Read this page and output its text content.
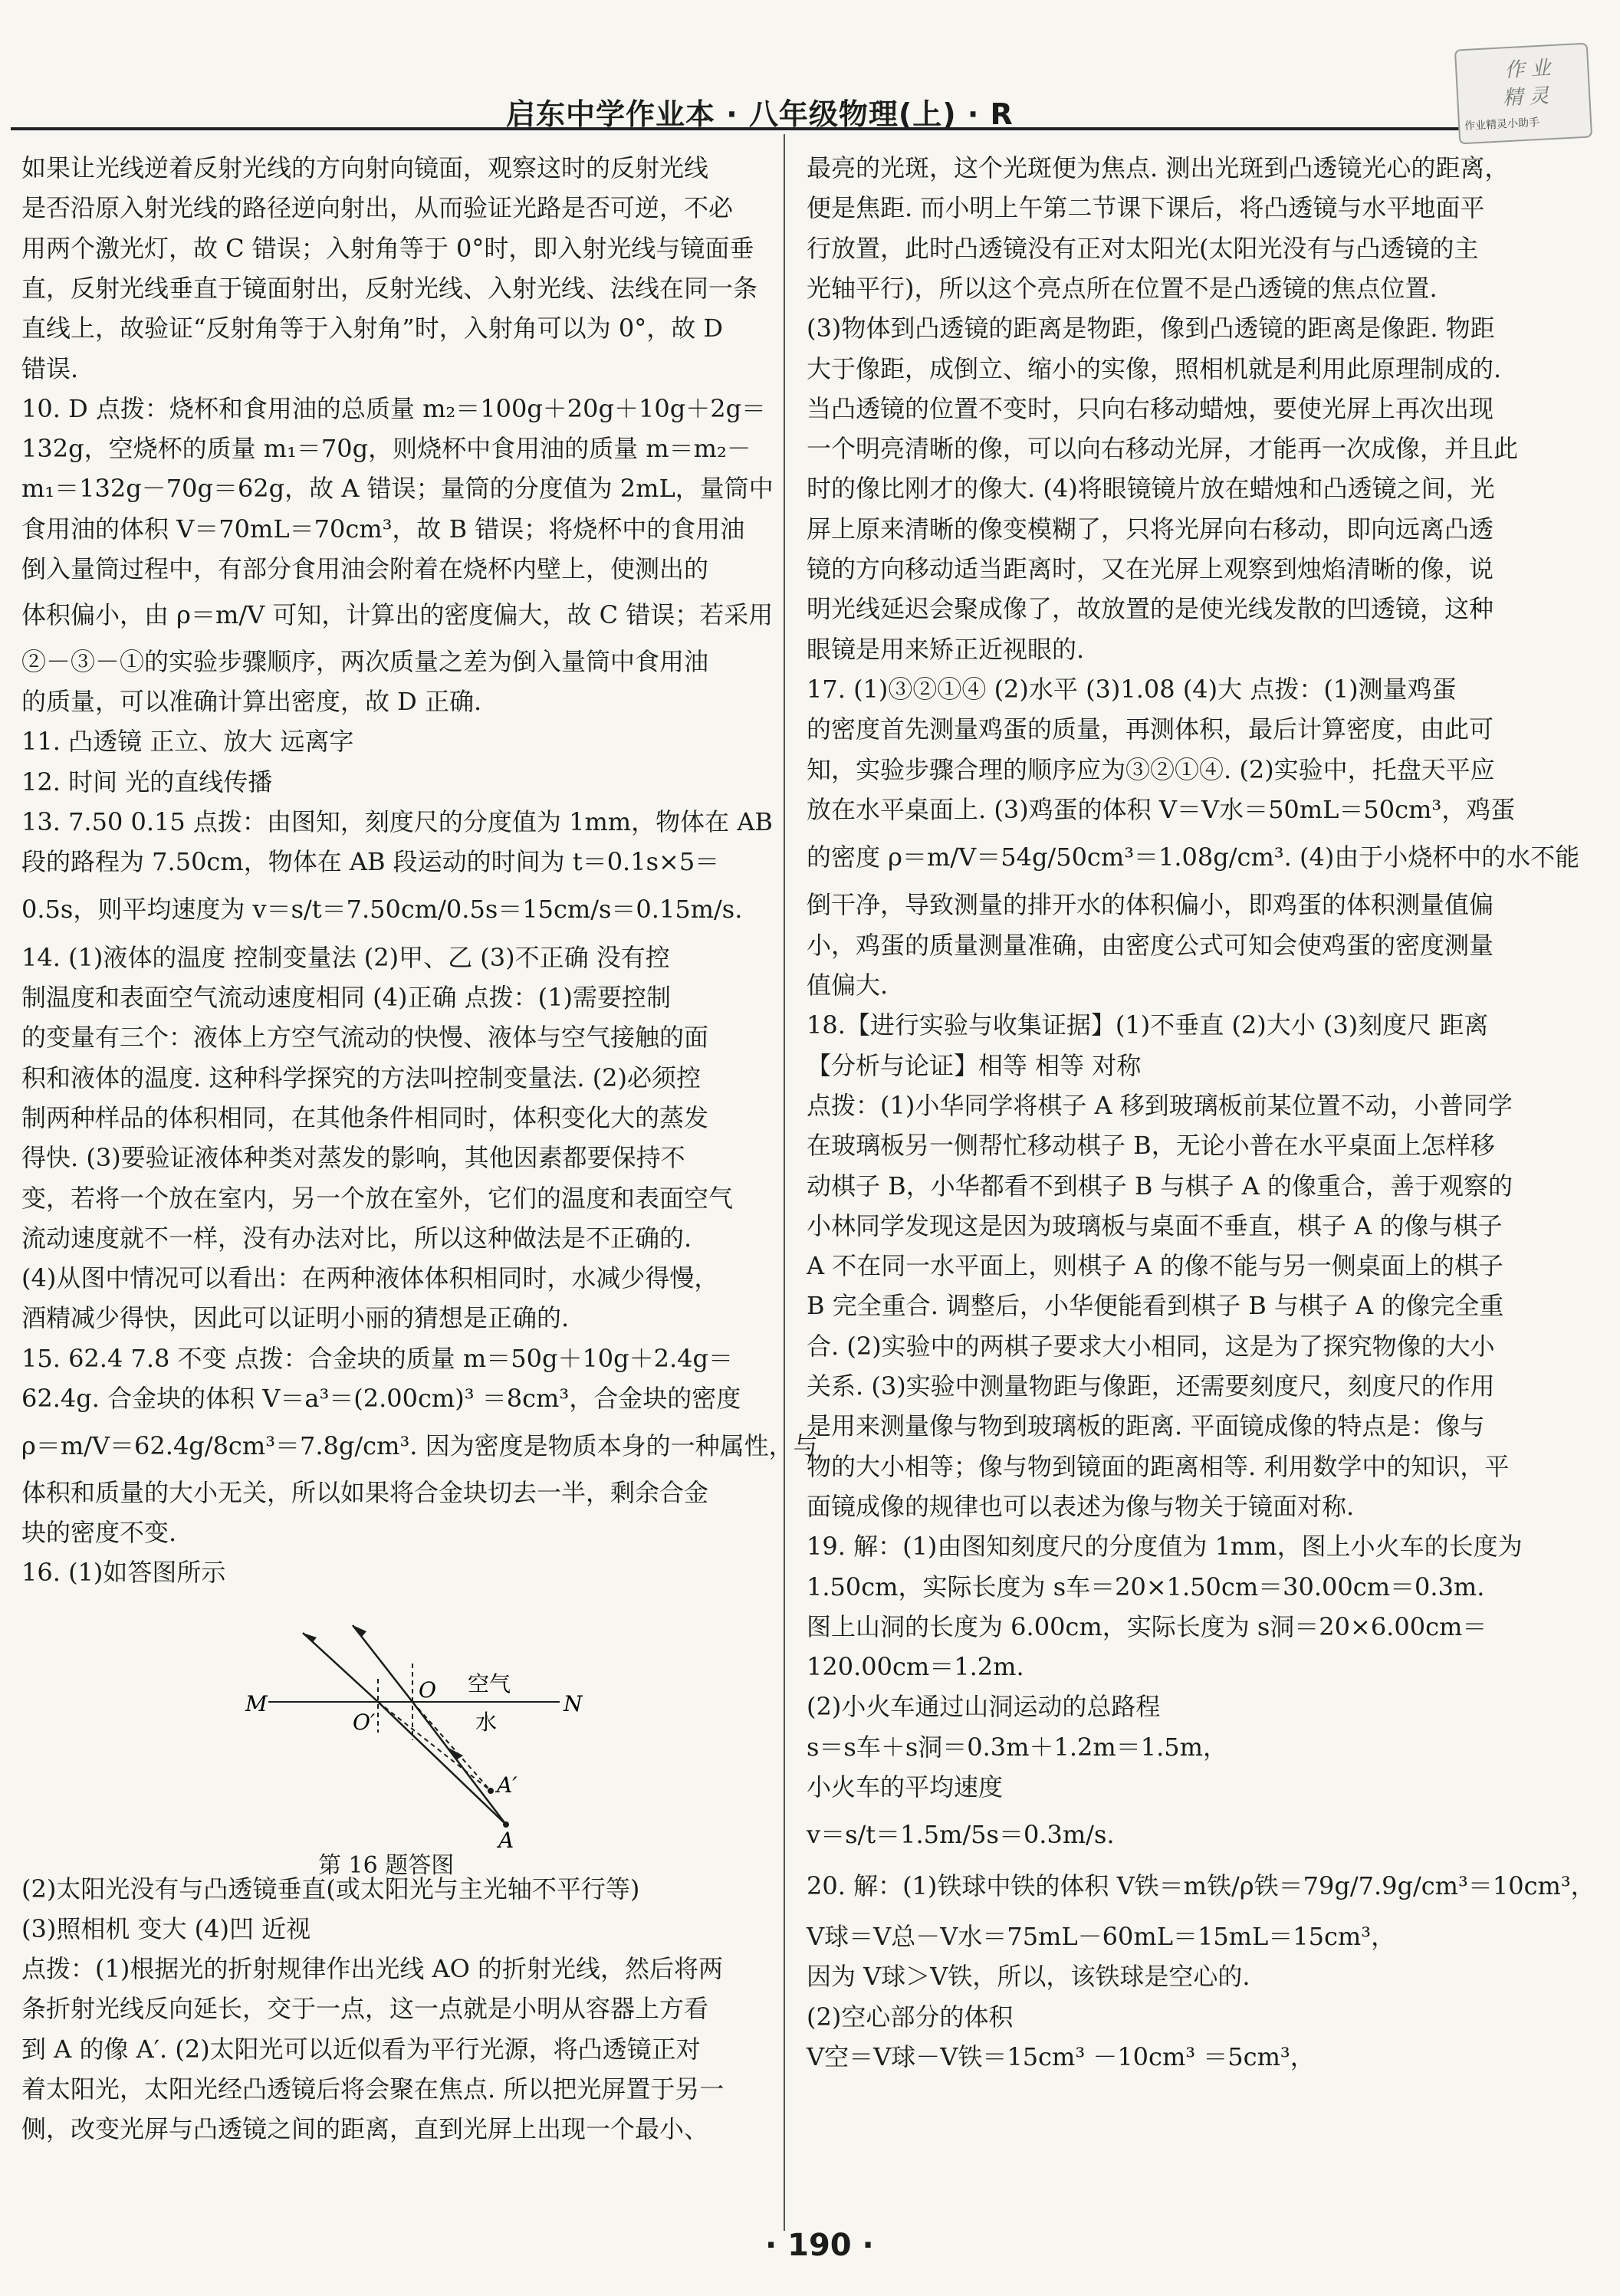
启东中学作业本 · 八年级物理(上) · R
作 业
精 灵
作业精灵小助手
如果让光线逆着反射光线的方向射向镜面，观察这时的反射光线
是否沿原入射光线的路径逆向射出，从而验证光路是否可逆，不必
用两个激光灯，故 C 错误；入射角等于 0°时，即入射光线与镜面垂
直，反射光线垂直于镜面射出，反射光线、入射光线、法线在同一条
直线上，故验证“反射角等于入射角”时，入射角可以为 0°，故 D
错误.
10. D 点拨：烧杯和食用油的总质量 m₂＝100g＋20g＋10g＋2g＝
132g，空烧杯的质量 m₁＝70g，则烧杯中食用油的质量 m＝m₂－
m₁＝132g－70g＝62g，故 A 错误；量筒的分度值为 2mL，量筒中
食用油的体积 V＝70mL＝70cm³，故 B 错误；将烧杯中的食用油
倒入量筒过程中，有部分食用油会附着在烧杯内壁上，使测出的
体积偏小，由 ρ＝m/V 可知，计算出的密度偏大，故 C 错误；若采用
②－③－①的实验步骤顺序，两次质量之差为倒入量筒中食用油
的质量，可以准确计算出密度，故 D 正确.
11. 凸透镜 正立、放大 远离字
12. 时间 光的直线传播
13. 7.50 0.15 点拨：由图知，刻度尺的分度值为 1mm，物体在 AB
段的路程为 7.50cm，物体在 AB 段运动的时间为 t＝0.1s×5＝
0.5s，则平均速度为 v＝s/t＝7.50cm/0.5s＝15cm/s＝0.15m/s.
14. (1)液体的温度 控制变量法 (2)甲、乙 (3)不正确 没有控
制温度和表面空气流动速度相同 (4)正确 点拨：(1)需要控制
的变量有三个：液体上方空气流动的快慢、液体与空气接触的面
积和液体的温度. 这种科学探究的方法叫控制变量法. (2)必须控
制两种样品的体积相同，在其他条件相同时，体积变化大的蒸发
得快. (3)要验证液体种类对蒸发的影响，其他因素都要保持不
变，若将一个放在室内，另一个放在室外，它们的温度和表面空气
流动速度就不一样，没有办法对比，所以这种做法是不正确的.
(4)从图中情况可以看出：在两种液体体积相同时，水减少得慢，
酒精减少得快，因此可以证明小丽的猜想是正确的.
15. 62.4 7.8 不变 点拨：合金块的质量 m＝50g＋10g＋2.4g＝
62.4g. 合金块的体积 V＝a³＝(2.00cm)³ ＝8cm³，合金块的密度
ρ＝m/V＝62.4g/8cm³＝7.8g/cm³. 因为密度是物质本身的一种属性，与
体积和质量的大小无关，所以如果将合金块切去一半，剩余合金
块的密度不变.
16. (1)如答图所示
(2)太阳光没有与凸透镜垂直(或太阳光与主光轴不平行等)
(3)照相机 变大 (4)凹 近视
点拨：(1)根据光的折射规律作出光线 AO 的折射光线，然后将两
条折射光线反向延长，交于一点，这一点就是小明从容器上方看
到 A 的像 A′. (2)太阳光可以近似看为平行光源，将凸透镜正对
着太阳光，太阳光经凸透镜后将会聚在焦点. 所以把光屏置于另一
侧，改变光屏与凸透镜之间的距离，直到光屏上出现一个最小、
最亮的光斑，这个光斑便为焦点. 测出光斑到凸透镜光心的距离，
便是焦距. 而小明上午第二节课下课后，将凸透镜与水平地面平
行放置，此时凸透镜没有正对太阳光(太阳光没有与凸透镜的主
光轴平行)，所以这个亮点所在位置不是凸透镜的焦点位置.
(3)物体到凸透镜的距离是物距，像到凸透镜的距离是像距. 物距
大于像距，成倒立、缩小的实像，照相机就是利用此原理制成的.
当凸透镜的位置不变时，只向右移动蜡烛，要使光屏上再次出现
一个明亮清晰的像，可以向右移动光屏，才能再一次成像，并且此
时的像比刚才的像大. (4)将眼镜镜片放在蜡烛和凸透镜之间，光
屏上原来清晰的像变模糊了，只将光屏向右移动，即向远离凸透
镜的方向移动适当距离时，又在光屏上观察到烛焰清晰的像，说
明光线延迟会聚成像了，故放置的是使光线发散的凹透镜，这种
眼镜是用来矫正近视眼的.
17. (1)③②①④ (2)水平 (3)1.08 (4)大 点拨：(1)测量鸡蛋
的密度首先测量鸡蛋的质量，再测体积，最后计算密度，由此可
知，实验步骤合理的顺序应为③②①④. (2)实验中，托盘天平应
放在水平桌面上. (3)鸡蛋的体积 V＝V水＝50mL＝50cm³，鸡蛋
的密度 ρ＝m/V＝54g/50cm³＝1.08g/cm³. (4)由于小烧杯中的水不能
倒干净，导致测量的排开水的体积偏小，即鸡蛋的体积测量值偏
小，鸡蛋的质量测量准确，由密度公式可知会使鸡蛋的密度测量
值偏大.
18.【进行实验与收集证据】(1)不垂直 (2)大小 (3)刻度尺 距离
【分析与论证】相等 相等 对称
点拨：(1)小华同学将棋子 A 移到玻璃板前某位置不动，小普同学
在玻璃板另一侧帮忙移动棋子 B，无论小普在水平桌面上怎样移
动棋子 B，小华都看不到棋子 B 与棋子 A 的像重合，善于观察的
小林同学发现这是因为玻璃板与桌面不垂直，棋子 A 的像与棋子
A 不在同一水平面上，则棋子 A 的像不能与另一侧桌面上的棋子
B 完全重合. 调整后，小华便能看到棋子 B 与棋子 A 的像完全重
合. (2)实验中的两棋子要求大小相同，这是为了探究物像的大小
关系. (3)实验中测量物距与像距，还需要刻度尺，刻度尺的作用
是用来测量像与物到玻璃板的距离. 平面镜成像的特点是：像与
物的大小相等；像与物到镜面的距离相等. 利用数学中的知识，平
面镜成像的规律也可以表述为像与物关于镜面对称.
19. 解：(1)由图知刻度尺的分度值为 1mm，图上小火车的长度为
1.50cm，实际长度为 s车＝20×1.50cm＝30.00cm＝0.3m.
图上山洞的长度为 6.00cm，实际长度为 s洞＝20×6.00cm＝
120.00cm＝1.2m.
(2)小火车通过山洞运动的总路程
s＝s车＋s洞＝0.3m＋1.2m＝1.5m，
小火车的平均速度
v＝s/t＝1.5m/5s＝0.3m/s.
20. 解：(1)铁球中铁的体积 V铁＝m铁/ρ铁＝79g/7.9g/cm³＝10cm³，
V球＝V总－V水＝75mL－60mL＝15mL＝15cm³，
因为 V球＞V铁，所以，该铁球是空心的.
(2)空心部分的体积
V空＝V球－V铁＝15cm³ －10cm³ ＝5cm³，
M	N
O
O′
A′
A
空气
水
第 16 题答图
· 190 ·
